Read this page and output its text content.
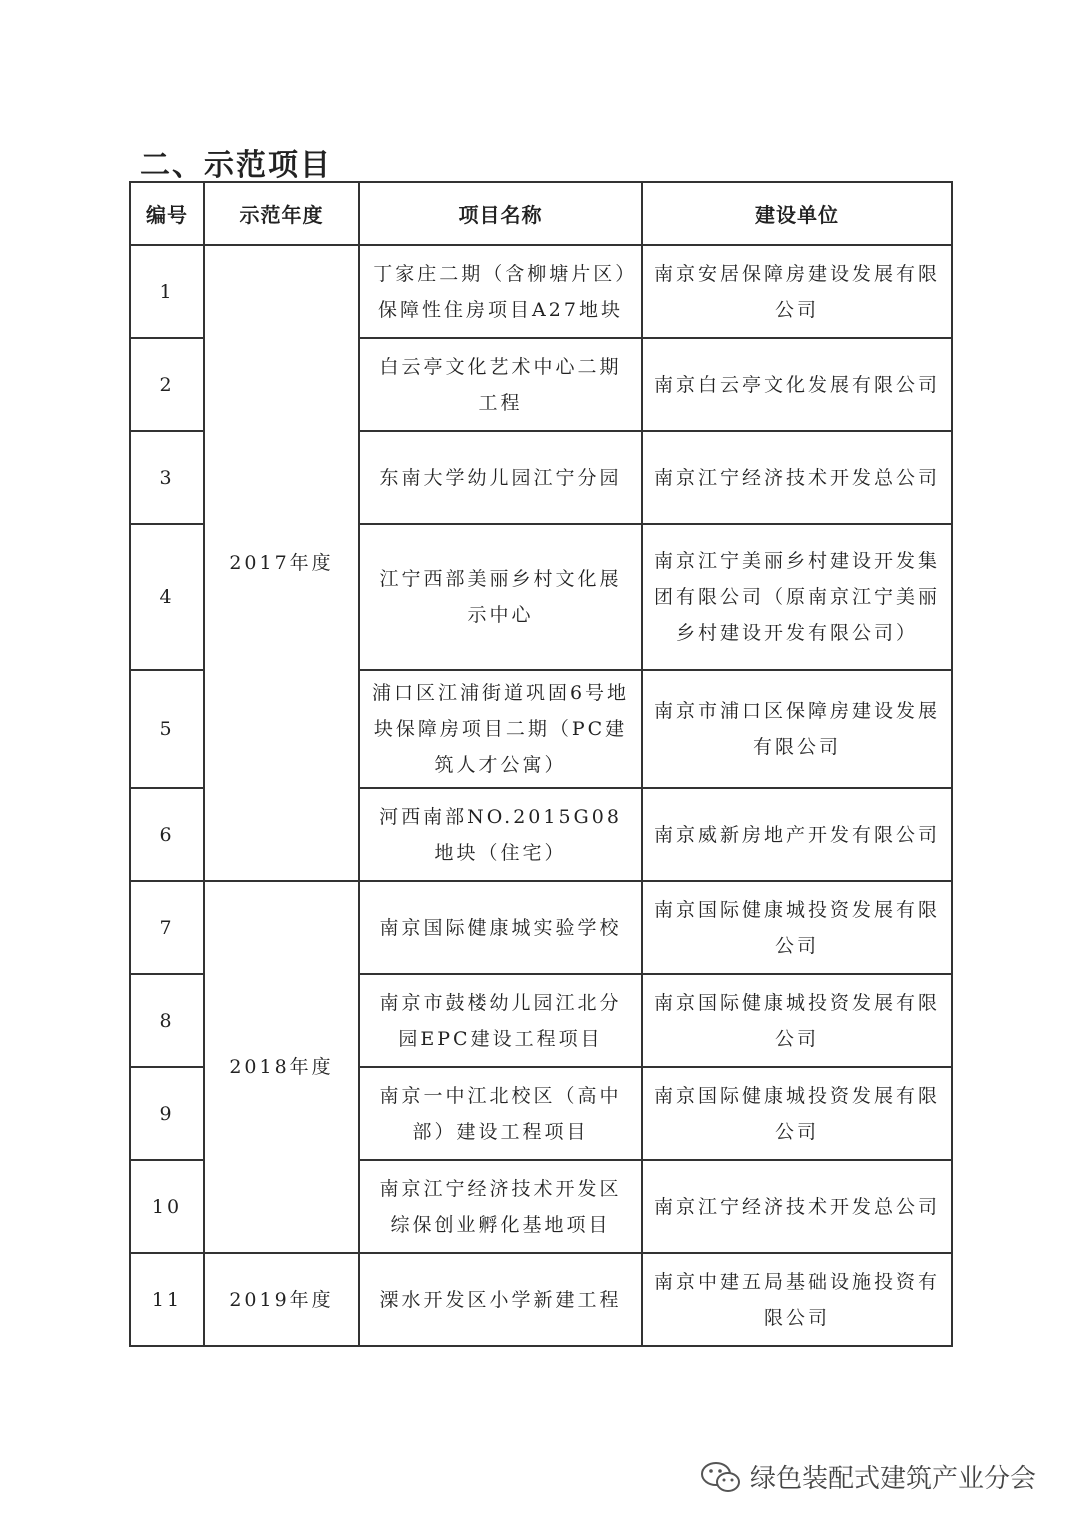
二、示范项目
编号	示范年度	项目名称	建设单位
1	2017年度	丁家庄二期（含柳塘片区）保障性住房项目A27地块	南京安居保障房建设发展有限公司
2		白云亭文化艺术中心二期工程	南京白云亭文化发展有限公司
3		东南大学幼儿园江宁分园	南京江宁经济技术开发总公司
4		江宁西部美丽乡村文化展示中心	南京江宁美丽乡村建设开发集团有限公司（原南京江宁美丽乡村建设开发有限公司）
5		浦口区江浦街道巩固6号地块保障房项目二期（PC建筑人才公寓）	南京市浦口区保障房建设发展有限公司
6		河西南部NO.2015G08地块（住宅）	南京威新房地产开发有限公司
7	2018年度	南京国际健康城实验学校	南京国际健康城投资发展有限公司
8		南京市鼓楼幼儿园江北分园EPC建设工程项目	南京国际健康城投资发展有限公司
9		南京一中江北校区（高中部）建设工程项目	南京国际健康城投资发展有限公司
10		南京江宁经济技术开发区综保创业孵化基地项目	南京江宁经济技术开发总公司
11	2019年度	溧水开发区小学新建工程	南京中建五局基础设施投资有限公司
绿色装配式建筑产业分会
